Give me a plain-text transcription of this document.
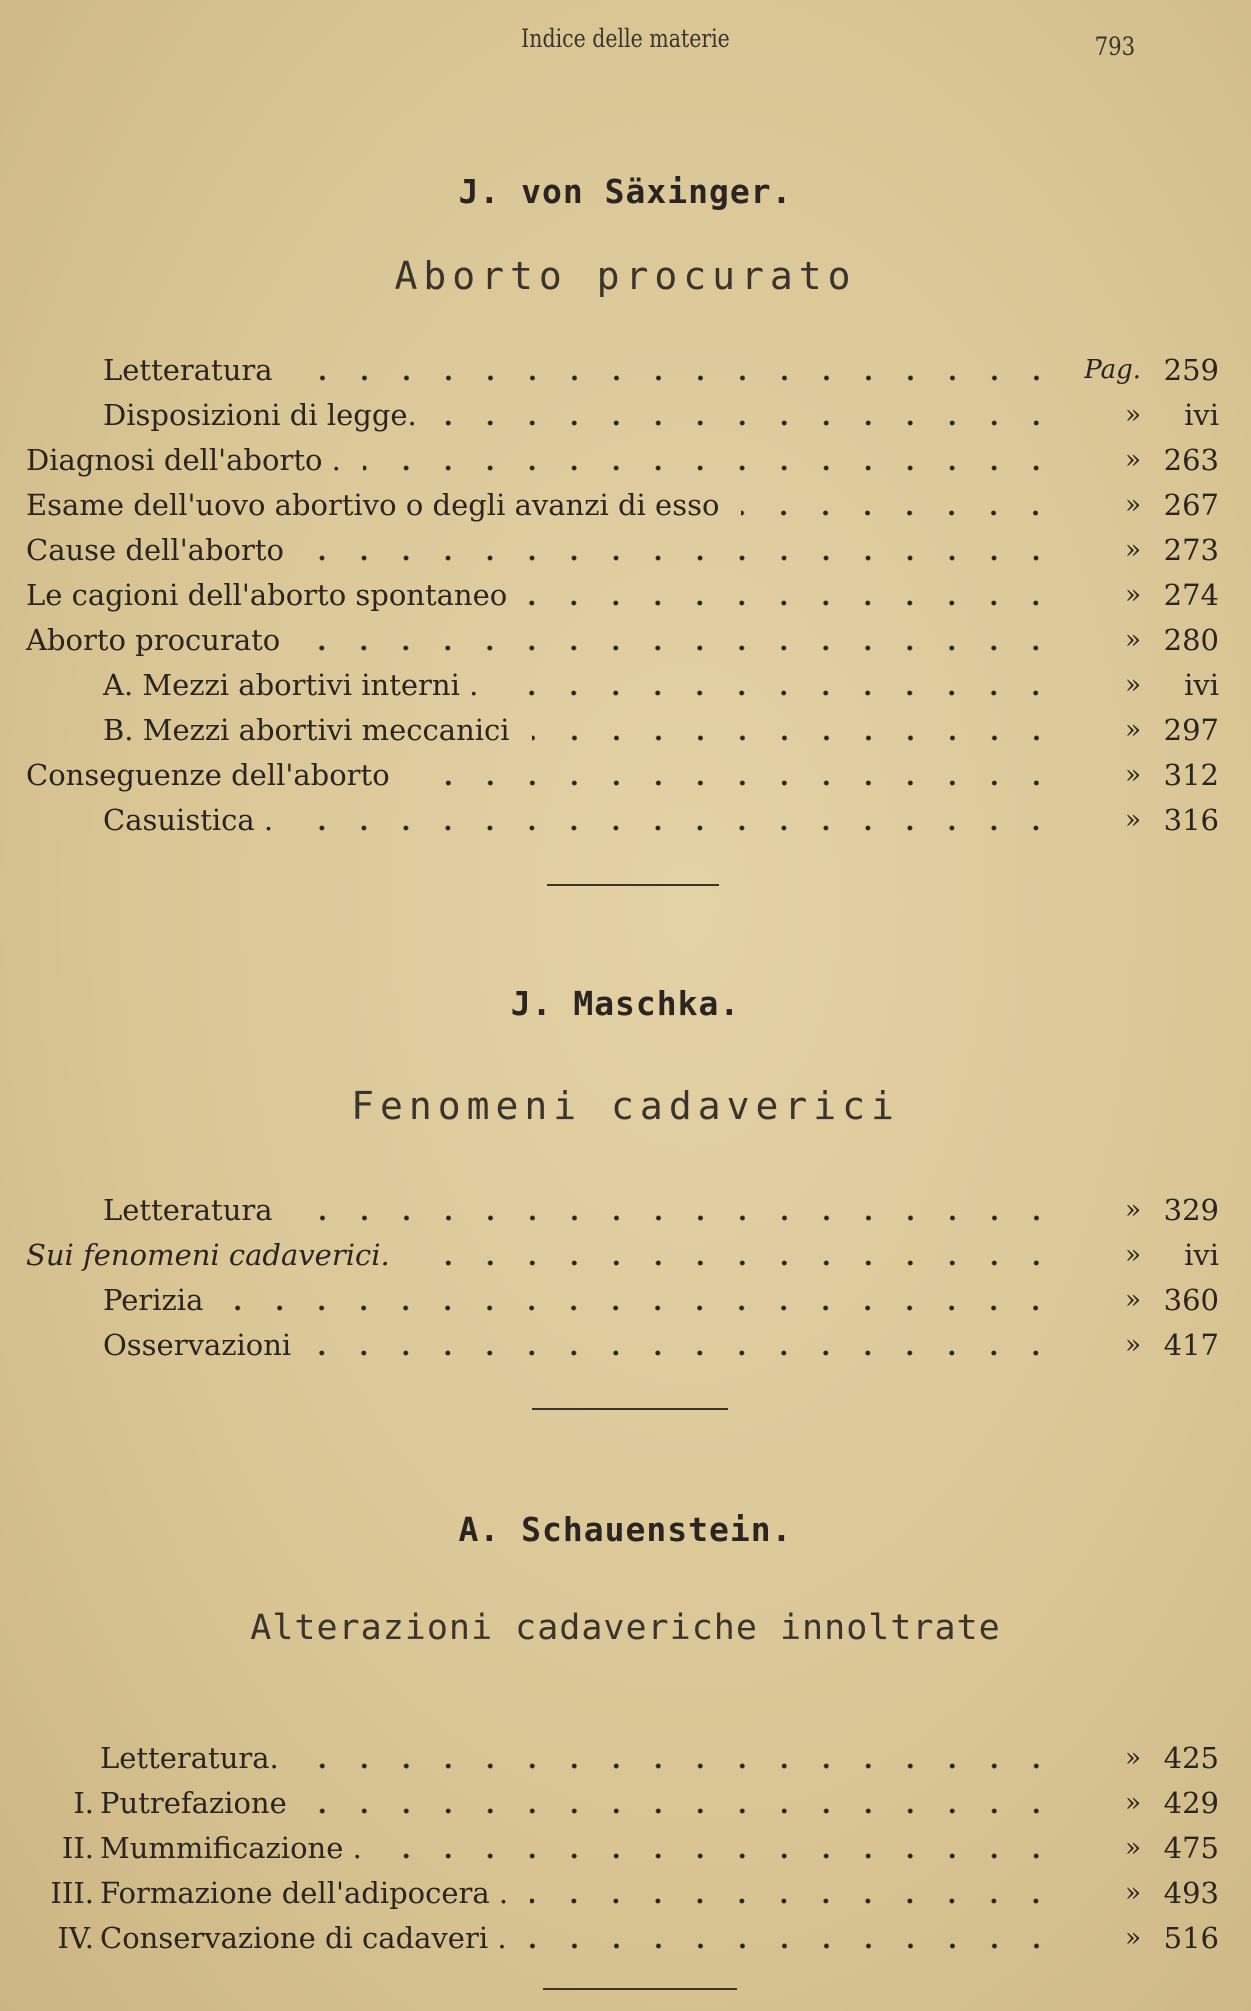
Indice delle materie	793
J. von Säxinger.
Aborto procurato
Letteratura	Pag. 259
Disposizioni di legge.	»	ivi
Diagnosi dell'aborto .	» 263
Esame dell'uovo abortivo o degli avanzi di esso	» 267
Cause dell'aborto	» 273
Le cagioni dell'aborto spontaneo	» 274
Aborto procurato	» 280
A. Mezzi abortivi interni .	»	ivi
B. Mezzi abortivi meccanici	» 297
Conseguenze dell'aborto	» 312
Casuistica .	» 316
J. Maschka.
Fenomeni cadaverici
Letteratura	» 329
Sui fenomeni cadaverici.	»	ivi
Perizia	» 360
Osservazioni	» 417
A. Schauenstein.
Alterazioni cadaveriche innoltrate
Letteratura.	» 425
I. Putrefazione	» 429
II. Mummificazione .	» 475
III. Formazione dell'adipocera .	» 493
IV. Conservazione di cadaveri .	» 516
